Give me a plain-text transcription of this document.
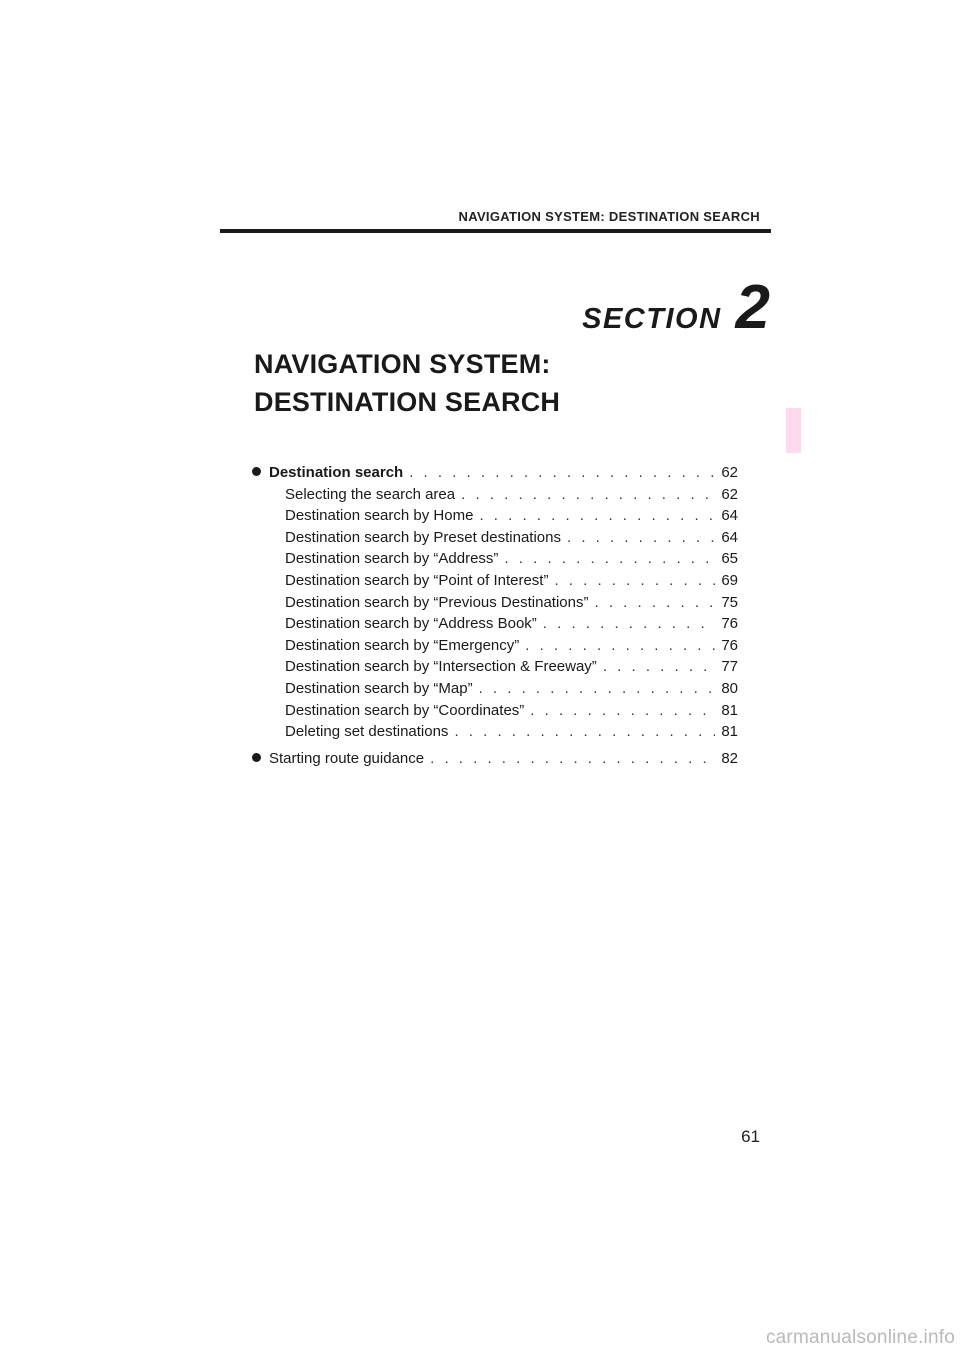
NAVIGATION SYSTEM: DESTINATION SEARCH
SECTION 2
NAVIGATION SYSTEM:
DESTINATION SEARCH
Destination search . . .	62
Selecting the search area . . .	62
Destination search by Home . . .	64
Destination search by Preset destinations . . .	64
Destination search by “Address” . . .	65
Destination search by “Point of Interest” . . .	69
Destination search by “Previous Destinations” . . .	75
Destination search by “Address Book” . . .	76
Destination search by “Emergency” . . .	76
Destination search by “Intersection & Freeway” . . .	77
Destination search by “Map” . . .	80
Destination search by “Coordinates” . . .	81
Deleting set destinations . . .	81
Starting route guidance . . .	82
61
carmanualsonline.info
